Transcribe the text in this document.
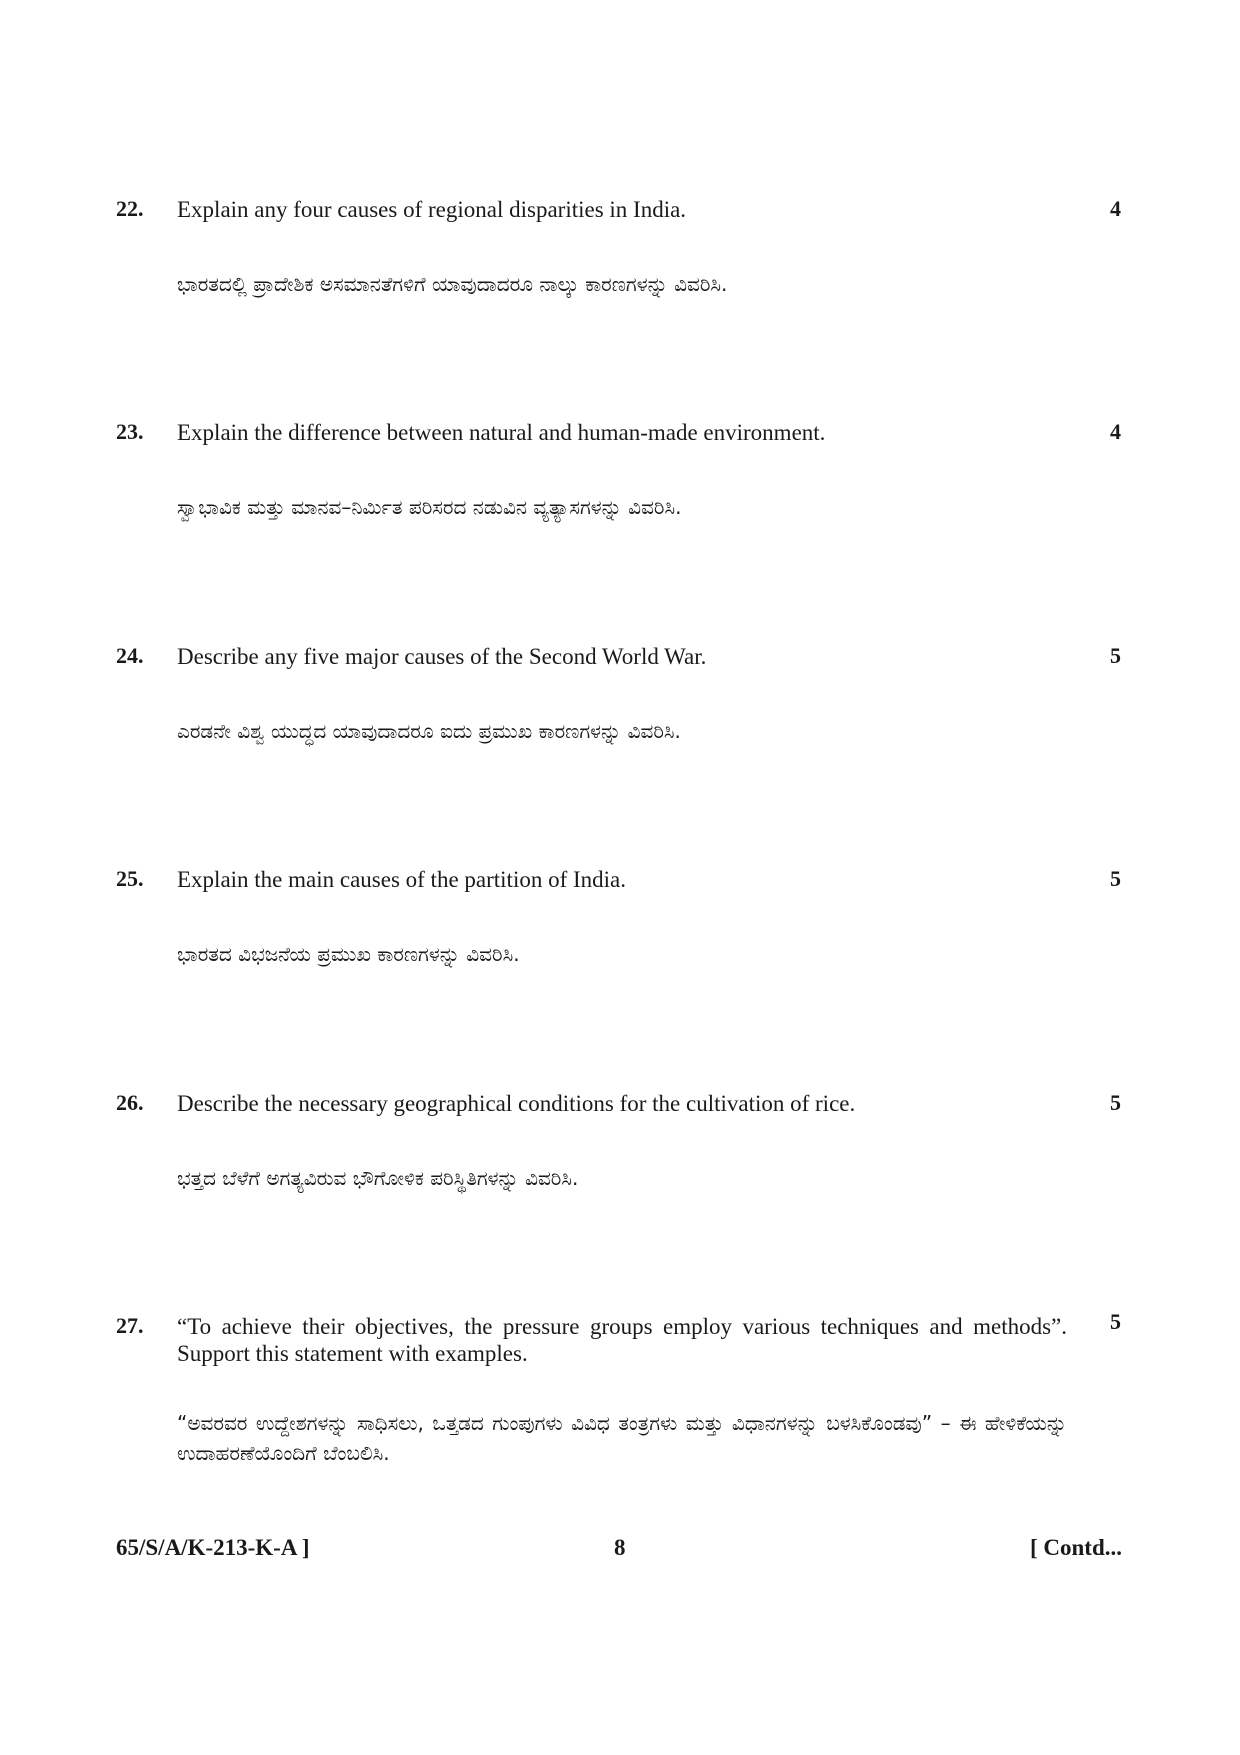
22. Explain any four causes of regional disparities in India.	4
ಭಾರತದಲ್ಲಿ ಪ್ರಾದೇಶಿಕ ಅಸಮಾನತೆಗಳಿಗೆ ಯಾವುದಾದರೂ ನಾಲ್ಕು ಕಾರಣಗಳನ್ನು ವಿವರಿಸಿ.
23. Explain the difference between natural and human-made environment.	4
ಸ್ವಾಭಾವಿಕ ಮತ್ತು ಮಾನವ–ನಿರ್ಮಿತ ಪರಿಸರದ ನಡುವಿನ ವ್ಯತ್ಯಾಸಗಳನ್ನು ವಿವರಿಸಿ.
24. Describe any five major causes of the Second World War.	5
ಎರಡನೇ ವಿಶ್ವ ಯುದ್ಧದ ಯಾವುದಾದರೂ ಐದು ಪ್ರಮುಖ ಕಾರಣಗಳನ್ನು ವಿವರಿಸಿ.
25. Explain the main causes of the partition of India.	5
ಭಾರತದ ವಿಭಜನೆಯ ಪ್ರಮುಖ ಕಾರಣಗಳನ್ನು ವಿವರಿಸಿ.
26. Describe the necessary geographical conditions for the cultivation of rice.	5
ಭತ್ತದ ಬೆಳೆಗೆ ಅಗತ್ಯವಿರುವ ಭೌಗೋಳಿಕ ಪರಿಸ್ಥಿತಿಗಳನ್ನು ವಿವರಿಸಿ.
27. “To achieve their objectives, the pressure groups employ various techniques and methods”. Support this statement with examples.
5
“ಅವರವರ ಉದ್ದೇಶಗಳನ್ನು ಸಾಧಿಸಲು, ಒತ್ತಡದ ಗುಂಪುಗಳು ವಿವಿಧ ತಂತ್ರಗಳು ಮತ್ತು ವಿಧಾನಗಳನ್ನು ಬಳಸಿಕೊಂಡವು” – ಈ ಹೇಳಿಕೆಯನ್ನು ಉದಾಹರಣೆಯೊಂದಿಗೆ ಬೆಂಬಲಿಸಿ.
65/S/A/K-213-K-A ]	8	[ Contd...
